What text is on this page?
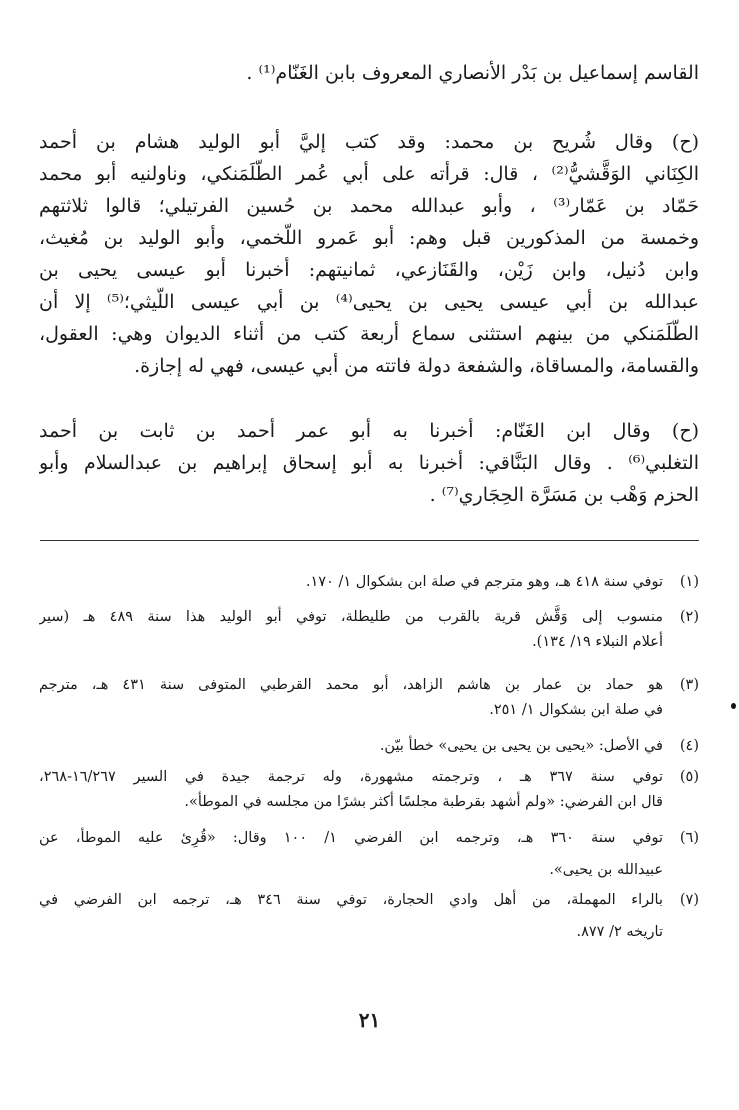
القاسم إسماعيل بن بَدْر الأنصاري المعروف بابن الغَنّام⁽¹⁾ .
(ح) وقال شُريح بن محمد: وقد كتب إليَّ أبو الوليد هشام بن أحمد
الكِنَاني الوَقَّشيُّ⁽²⁾ ، قال: قرأته على أبي عُمر الطَّلَمَنكي، وناولنيه أبو محمد
حَمّاد بن عَمّار⁽³⁾ ، وأبو عبدالله محمد بن حُسين الفرتيلي؛ قالوا ثلاثتهم
وخمسة من المذكورين قبل وهم: أبو عَمرو اللَّخمي، وأبو الوليد بن مُغيث،
وابن دُنيل، وابن زَيْن، والقَنَازعي، ثمانيتهم: أخبرنا أبو عيسى يحيى بن
عبدالله بن أبي عيسى يحيى بن يحيى⁽⁴⁾ بن أبي عيسى اللَّيثي؛⁽⁵⁾ إلا أن
الطَّلَمَنكي من بينهم استثنى سماع أربعة كتب من أثناء الديوان وهي: العقول،
والقسامة، والمساقاة، والشفعة دولة فاتته من أبي عيسى، فهي له إجازة.
(ح) وقال ابن الغَنّام: أخبرنا به أبو عمر أحمد بن ثابت بن أحمد
التغلبي⁽⁶⁾ . وقال البَنَّاقي: أخبرنا به أبو إسحاق إبراهيم بن عبدالسلام وأبو
الحزم وَهْب بن مَسَرَّة الحِجَاري⁽⁷⁾ .
(١)
توفي سنة ٤١٨ هـ، وهو مترجم في صلة ابن بشكوال ١/ ١٧٠.
(٢)
منسوب إلى وَقَّش قرية بالقرب من طليطلة، توفي أبو الوليد هذا سنة ٤٨٩ هـ (سير
أعلام النبلاء ١٩/ ١٣٤).
(٣)
هو حماد بن عمار بن هاشم الزاهد، أبو محمد القرطبي المتوفى سنة ٤٣١ هـ، مترجم
في صلة ابن بشكوال ١/ ٢٥١.
(٤)
في الأصل: «يحيى بن يحيى بن يحيى» خطأ بيّن.
(٥)
توفي سنة ٣٦٧ هـ ، وترجمته مشهورة، وله ترجمة جيدة في السير ١٦/٢٦٧-٢٦٨،
قال ابن الفرضي: «ولم أشهد بقرطبة مجلسًا أكثر بشرًا من مجلسه في الموطأ».
(٦)
توفي سنة ٣٦٠ هـ، وترجمه ابن الفرضي ١/ ١٠٠ وقال: «قُرِئ عليه الموطأ، عن
عبيدالله بن يحيى».
(٧)
بالراء المهملة، من أهل وادي الحجارة، توفي سنة ٣٤٦ هـ، ترجمه ابن الفرضي في
تاريخه ٢/ ٨٧٧.
٢١
